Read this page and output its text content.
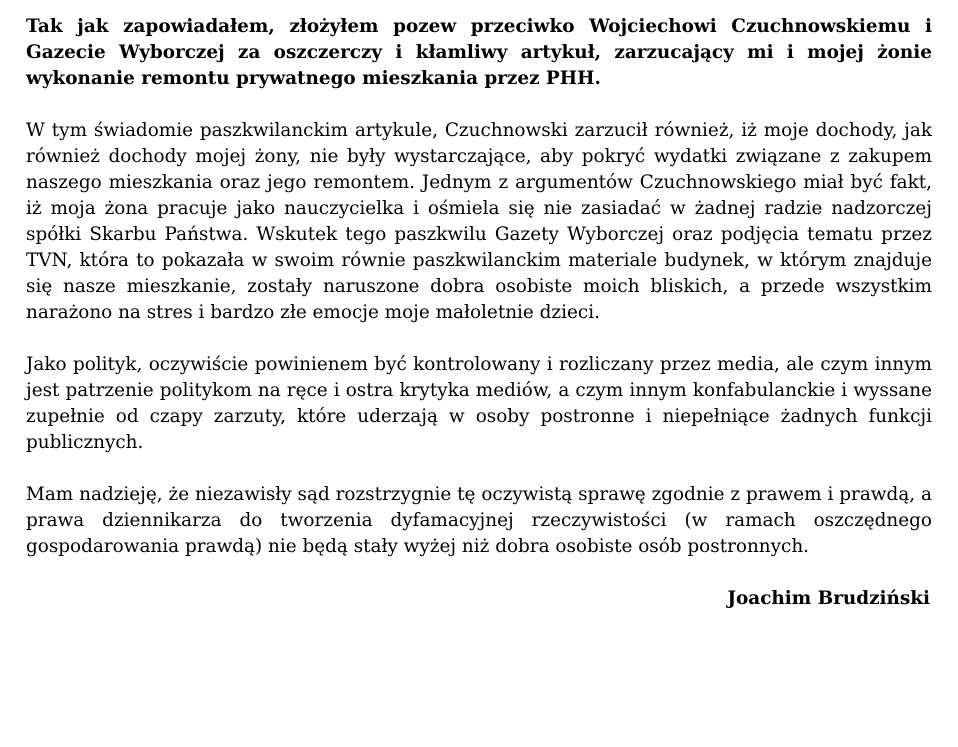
Tak jak zapowiadałem, złożyłem pozew przeciwko Wojciechowi Czuchnowskiemu i Gazecie Wyborczej za oszczerczy i kłamliwy artykuł, zarzucający mi i mojej żonie wykonanie remontu prywatnego mieszkania przez PHH.

W tym świadomie paszkwilanckim artykule, Czuchnowski zarzucił również, iż moje dochody, jak również dochody mojej żony, nie były wystarczające, aby pokryć wydatki związane z zakupem naszego mieszkania oraz jego remontem. Jednym z argumentów Czuchnowskiego miał być fakt, iż moja żona pracuje jako nauczycielka i ośmiela się nie zasiadać w żadnej radzie nadzorczej spółki Skarbu Państwa. Wskutek tego paszkwilu Gazety Wyborczej oraz podjęcia tematu przez TVN, która to pokazała w swoim równie paszkwilanckim materiale budynek, w którym znajduje się nasze mieszkanie, zostały naruszone dobra osobiste moich bliskich, a przede wszystkim narażono na stres i bardzo złe emocje moje małoletnie dzieci.

Jako polityk, oczywiście powinienem być kontrolowany i rozliczany przez media, ale czym innym jest patrzenie politykom na ręce i ostra krytyka mediów, a czym innym konfabulanckie i wyssane zupełnie od czapy zarzuty, które uderzają w osoby postronne i niepełniące żadnych funkcji publicznych.

Mam nadzieję, że niezawisły sąd rozstrzygnie tę oczywistą sprawę zgodnie z prawem i prawdą, a prawa dziennikarza do tworzenia dyfamacyjnej rzeczywistości (w ramach oszczędnego gospodarowania prawdą) nie będą stały wyżej niż dobra osobiste osób postronnych.

Joachim Brudziński
